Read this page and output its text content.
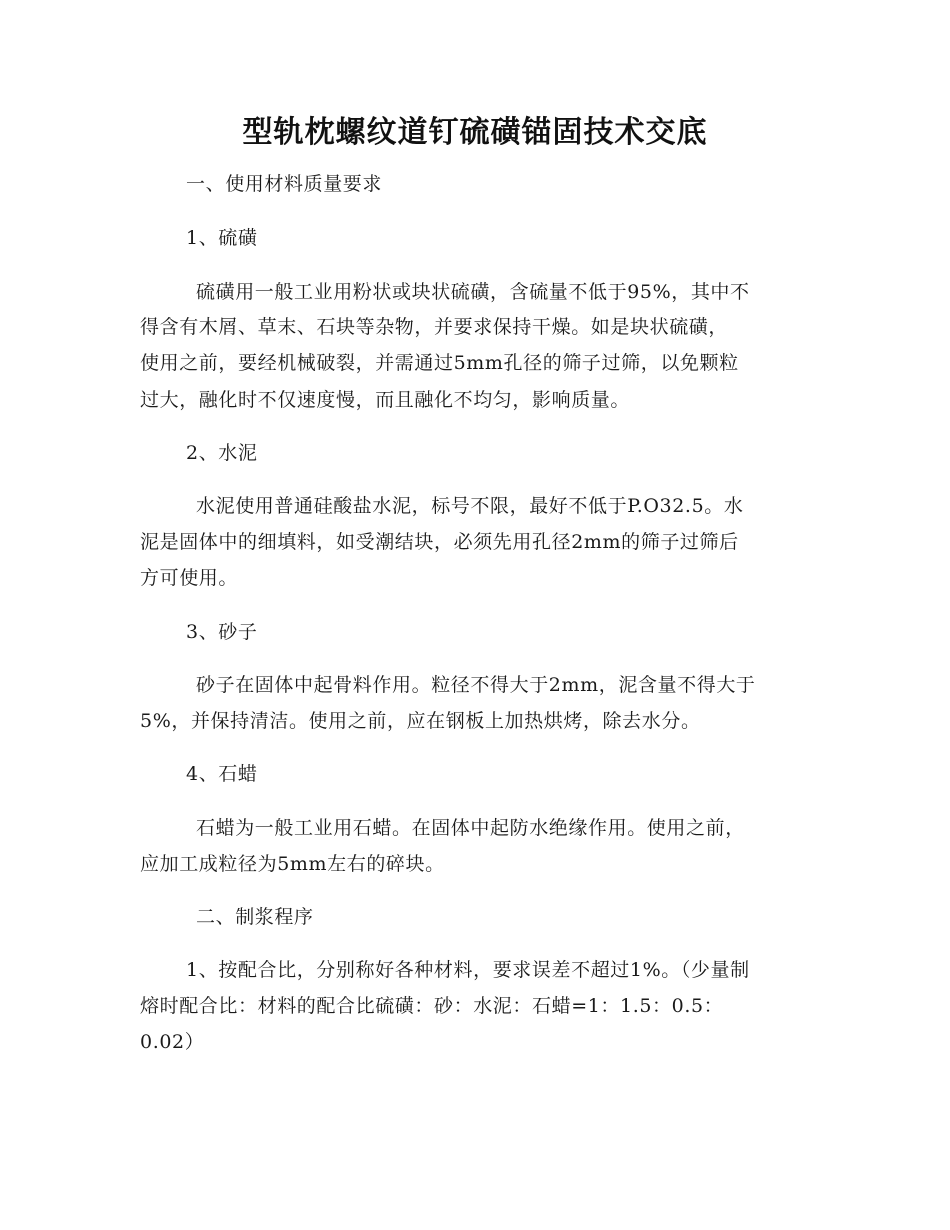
型轨枕螺纹道钉硫磺锚固技术交底
一、使用材料质量要求
1、硫磺
硫磺用一般工业用粉状或块状硫磺，含硫量不低于95%，其中不
得含有木屑、草末、石块等杂物，并要求保持干燥。如是块状硫磺，
使用之前，要经机械破裂，并需通过5mm孔径的筛子过筛，以免颗粒
过大，融化时不仅速度慢，而且融化不均匀，影响质量。
2、水泥
水泥使用普通硅酸盐水泥，标号不限，最好不低于P.O32.5。水
泥是固体中的细填料，如受潮结块，必须先用孔径2mm的筛子过筛后
方可使用。
3、砂子
砂子在固体中起骨料作用。粒径不得大于2mm，泥含量不得大于
5%，并保持清洁。使用之前，应在钢板上加热烘烤，除去水分。
4、石蜡
石蜡为一般工业用石蜡。在固体中起防水绝缘作用。使用之前，
应加工成粒径为5mm左右的碎块。
二、制浆程序
1、按配合比，分别称好各种材料，要求误差不超过1%。（少量制
熔时配合比：材料的配合比硫磺：砂：水泥：石蜡=1：1.5：0.5：
0.02）
